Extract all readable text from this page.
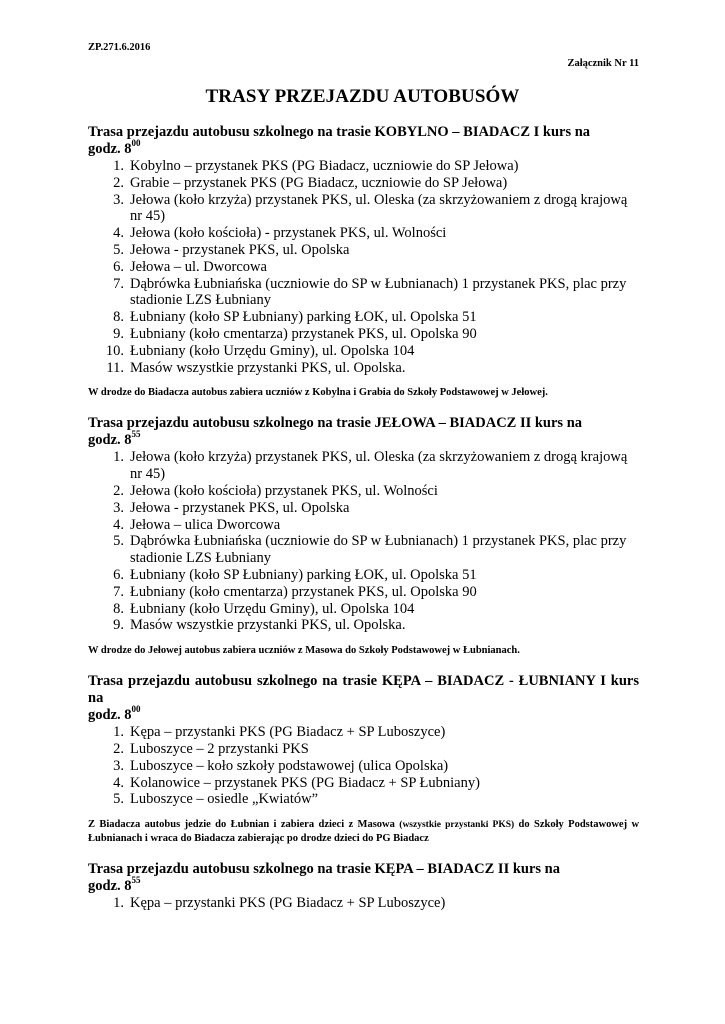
ZP.271.6.2016
Załącznik Nr 11
TRASY PRZEJAZDU AUTOBUSÓW
Trasa przejazdu autobusu szkolnego na trasie KOBYLNO – BIADACZ I kurs na
godz. $8^{00}$
1. Kobylno – przystanek PKS (PG Biadacz, uczniowie do SP Jełowa)
2. Grabie – przystanek PKS (PG Biadacz, uczniowie do SP Jełowa)
3. Jełowa (koło krzyża) przystanek PKS, ul. Oleska (za skrzyżowaniem z drogą krajową nr 45)
4. Jełowa (koło kościoła) - przystanek PKS, ul. Wolności
5. Jełowa - przystanek PKS, ul. Opolska
6. Jełowa – ul. Dworcowa
7. Dąbrówka Łubniańska (uczniowie do SP w Łubnianach) 1 przystanek PKS, plac przy stadionie LZS Łubniany
8. Łubniany (koło SP Łubniany) parking ŁOK, ul. Opolska 51
9. Łubniany (koło cmentarza) przystanek PKS, ul. Opolska 90
10. Łubniany (koło Urzędu Gminy), ul. Opolska 104
11. Masów wszystkie przystanki PKS, ul. Opolska.
W drodze do Biadacza autobus zabiera uczniów z Kobylna i Grabia do Szkoły Podstawowej w Jełowej.
Trasa przejazdu autobusu szkolnego na trasie JEŁOWA – BIADACZ II kurs na
godz. $8^{55}$
1. Jełowa (koło krzyża) przystanek PKS, ul. Oleska (za skrzyżowaniem z drogą krajową nr 45)
2. Jełowa (koło kościoła) przystanek PKS, ul. Wolności
3. Jełowa - przystanek PKS, ul. Opolska
4. Jełowa – ulica Dworcowa
5. Dąbrówka Łubniańska (uczniowie do SP w Łubnianach) 1 przystanek PKS, plac przy stadionie LZS Łubniany
6. Łubniany (koło SP Łubniany) parking ŁOK, ul. Opolska 51
7. Łubniany (koło cmentarza) przystanek PKS, ul. Opolska 90
8. Łubniany (koło Urzędu Gminy), ul. Opolska 104
9. Masów wszystkie przystanki PKS, ul. Opolska.
W drodze do Jełowej autobus zabiera uczniów z Masowa do Szkoły Podstawowej w Łubnianach.
Trasa przejazdu autobusu szkolnego na trasie KĘPA – BIADACZ - ŁUBNIANY I kurs na
godz. $8^{00}$
1. Kępa – przystanki PKS (PG Biadacz + SP Luboszyce)
2. Luboszyce – 2 przystanki PKS
3. Luboszyce – koło szkoły podstawowej (ulica Opolska)
4. Kolanowice – przystanek PKS (PG Biadacz + SP Łubniany)
5. Luboszyce – osiedle „Kwiatów”
Z Biadacza autobus jedzie do Łubnian i zabiera dzieci z Masowa (wszystkie przystanki PKS) do Szkoły Podstawowej w Łubnianach i wraca do Biadacza zabierając po drodze dzieci do PG Biadacz
Trasa przejazdu autobusu szkolnego na trasie KĘPA – BIADACZ II kurs na
godz. $8^{55}$
1. Kępa – przystanki PKS (PG Biadacz + SP Luboszyce)
